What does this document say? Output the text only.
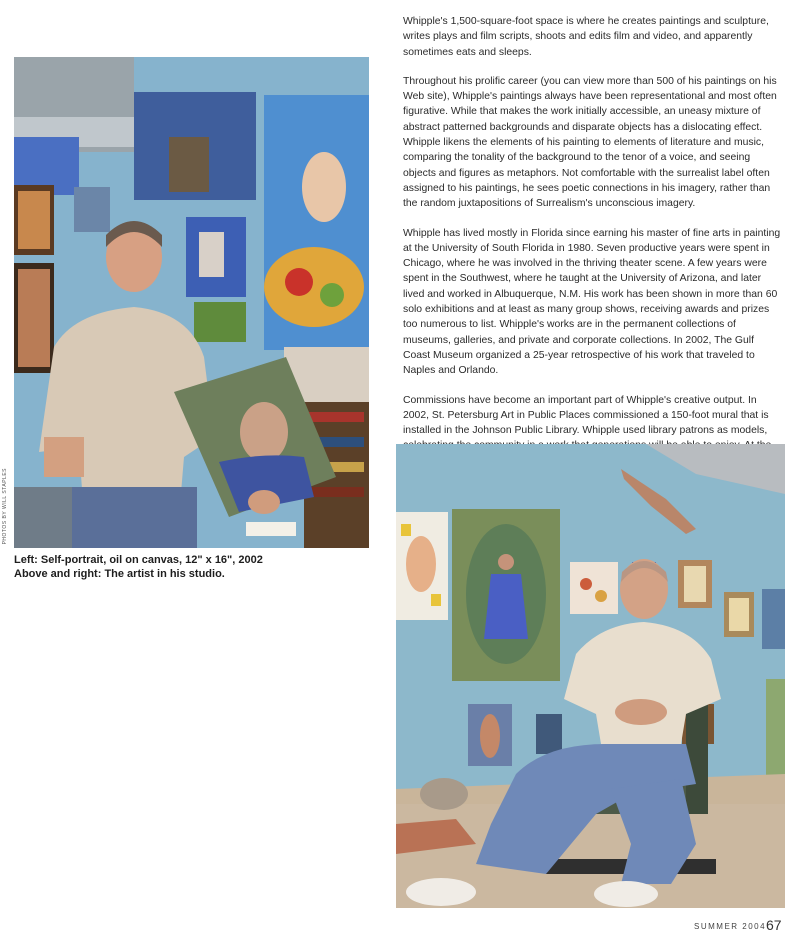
PHOTOS BY WILL STAPLES
Left: Self-portrait, oil on canvas, 12" x 16", 2002
Above and right: The artist in his studio.

Whipple's 1,500-square-foot space is where he creates paintings and sculpture, writes plays and film scripts, shoots and edits film and video, and apparently sometimes eats and sleeps.

Throughout his prolific career (you can view more than 500 of his paintings on his Web site), Whipple's paintings always have been representational and most often figurative. While that makes the work initially accessible, an uneasy mixture of abstract patterned backgrounds and disparate objects has a dislocating effect. Whipple likens the elements of his painting to elements of literature and music, comparing the tonality of the background to the tenor of a voice, and seeing objects and figures as metaphors. Not comfortable with the surrealist label often assigned to his paintings, he sees poetic connections in his imagery, rather than the random juxtapositions of Surrealism's unconscious imagery.

Whipple has lived mostly in Florida since earning his master of fine arts in painting at the University of South Florida in 1980. Seven productive years were spent in Chicago, where he was involved in the thriving theater scene. A few years were spent in the Southwest, where he taught at the University of Arizona, and later lived and worked in Albuquerque, N.M. His work has been shown in more than 60 solo exhibitions and at least as many group shows, receiving awards and prizes too numerous to list. Whipple's works are in the permanent collections of museums, galleries, and private and corporate collections. In 2002, The Gulf Coast Museum organized a 25-year retrospective of his work that traveled to Naples and Orlando.

Commissions have become an important part of Whipple's creative output. In 2002, St. Petersburg Art in Public Places commissioned a 150-foot mural that is installed in the Johnson Public Library. Whipple used library patrons as models,

SUMMER 2004 67
